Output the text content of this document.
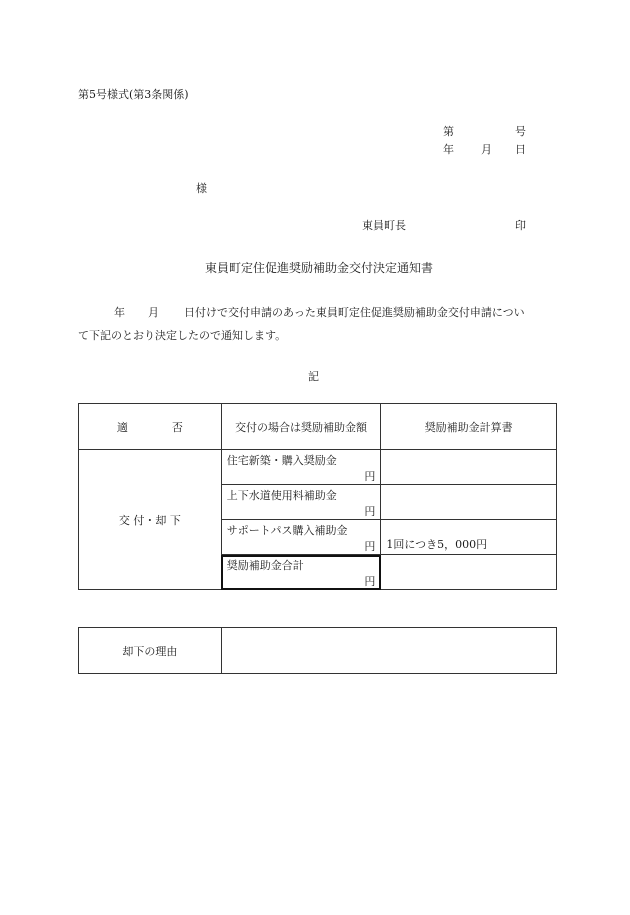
第5号様式(第3条関係)
第	号
年 月 日
様
東員町長	印
東員町定住促進奨励補助金交付決定通知書
年 月 日付けで交付申請のあった東員町定住促進奨励補助金交付申請につい
て下記のとおり決定したので通知します。
記
適　　　　否	交付の場合は奨励補助金額	奨励補助金計算書
交 付・却 下	住宅新築・購入奨励金
円	

	上下水道使用料補助金
円	

	サポートパス購入補助金
円	1回につき5，000円

	奨励補助金合計
円	

却下の理由	
